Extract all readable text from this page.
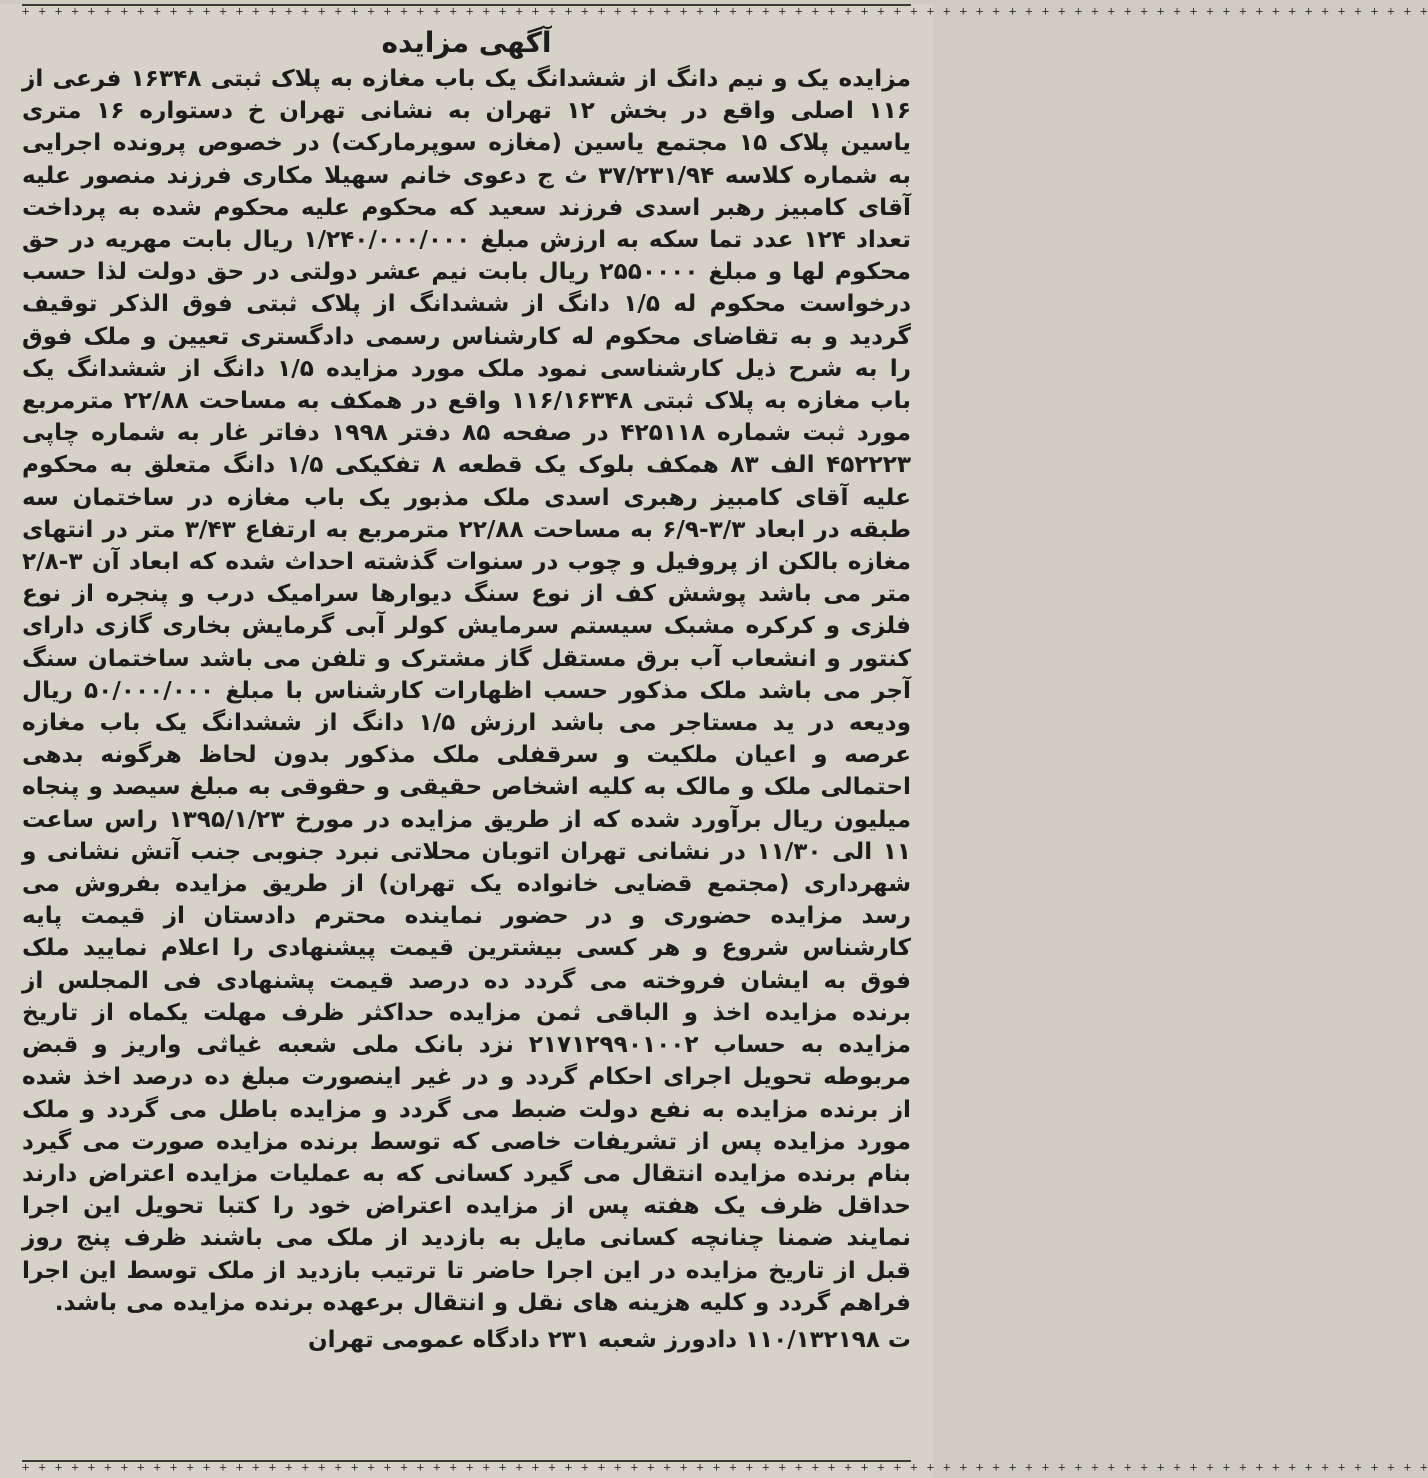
+ + + + + + + + + + + + + + + + + + + + + + + + + + + + + + + + + + + + + + + + + + + + + + + + + + + + + + + + + + + + + + + + + + + + + + + + + + + + + + + + + + + + + +
آگهی مزایده

مزایده یک و نیم دانگ از ششدانگ یک باب مغازه به پلاک ثبتی ۱۶۳۴۸ فرعی از ۱۱۶ اصلی واقع در بخش ۱۲ تهران به نشانی تهران خ دستواره ۱۶ متری یاسین پلاک ۱۵ مجتمع یاسین (مغازه سوپرمارکت) در خصوص پرونده اجرایی به شماره کلاسه ۳۷/۲۳۱/۹۴ ث ج دعوی خانم سهیلا مکاری فرزند منصور علیه آقای کامبیز رهبر اسدی فرزند سعید که محکوم علیه محکوم شده به پرداخت تعداد ۱۲۴ عدد تما سکه به ارزش مبلغ ۱/۲۴۰/۰۰۰/۰۰۰ ریال بابت مهریه در حق محکوم لها و مبلغ ۲۵۵۰۰۰۰ ریال بابت نیم عشر دولتی در حق دولت لذا حسب درخواست محکوم له ۱/۵ دانگ از ششدانگ از پلاک ثبتی فوق الذکر توقیف گردید و به تقاضای محکوم له کارشناس رسمی دادگستری تعیین و ملک فوق را به شرح ذیل کارشناسی نمود ملک مورد مزایده ۱/۵ دانگ از ششدانگ یک باب مغازه به پلاک ثبتی ۱۱۶/۱۶۳۴۸ واقع در همکف به مساحت ۲۲/۸۸ مترمربع مورد ثبت شماره ۴۲۵۱۱۸ در صفحه ۸۵ دفتر ۱۹۹۸ دفاتر غار به شماره چاپی ۴۵۲۲۲۳ الف ۸۳ همکف بلوک یک قطعه ۸ تفکیکی ۱/۵ دانگ متعلق به محکوم علیه آقای کامبیز رهبری اسدی ملک مذبور یک باب مغازه در ساختمان سه طبقه در ابعاد ۳/۳-۶/۹ به مساحت ۲۲/۸۸ مترمربع به ارتفاع ۳/۴۳ متر در انتهای مغازه بالکن از پروفیل و چوب در سنوات گذشته احداث شده که ابعاد آن ۳-۲/۸ متر می باشد پوشش کف از نوع سنگ دیوارها سرامیک درب و پنجره از نوع فلزی و کرکره مشبک سیستم سرمایش کولر آبی گرمایش بخاری گازی دارای کنتور و انشعاب آب برق مستقل گاز مشترک و تلفن می باشد ساختمان سنگ آجر می باشد ملک مذکور حسب اظهارات کارشناس با مبلغ ۵۰/۰۰۰/۰۰۰ ریال ودیعه در ید مستاجر می باشد ارزش ۱/۵ دانگ از ششدانگ یک باب مغازه عرصه و اعیان ملکیت و سرقفلی ملک مذکور بدون لحاظ هرگونه بدهی احتمالی ملک و مالک به کلیه اشخاص حقیقی و حقوقی به مبلغ سیصد و پنجاه میلیون ریال برآورد شده که از طریق مزایده در مورخ ۱۳۹۵/۱/۲۳ راس ساعت ۱۱ الی ۱۱/۳۰ در نشانی تهران اتوبان محلاتی نبرد جنوبی جنب آتش نشانی و شهرداری (مجتمع قضایی خانواده یک تهران) از طریق مزایده بفروش می رسد مزایده حضوری و در حضور نماینده محترم دادستان از قیمت پایه کارشناس شروع و هر کسی بیشترین قیمت پیشنهادی را اعلام نمایید ملک فوق به ایشان فروخته می گردد ده درصد قیمت پشنهادی فی المجلس از برنده مزایده اخذ و الباقی ثمن مزایده حداکثر ظرف مهلت یکماه از تاریخ مزایده به حساب ۲۱۷۱۲۹۹۰۱۰۰۲ نزد بانک ملی شعبه غیاثی واریز و قبض مربوطه تحویل اجرای احکام گردد و در غیر اینصورت مبلغ ده درصد اخذ شده از برنده مزایده به نفع دولت ضبط می گردد و مزایده باطل می گردد و ملک مورد مزایده پس از تشریفات خاصی که توسط برنده مزایده صورت می گیرد بنام برنده مزایده انتقال می گیرد کسانی که به عملیات مزایده اعتراض دارند حداقل ظرف یک هفته پس از مزایده اعتراض خود را کتبا تحویل این اجرا نمایند ضمنا چنانچه کسانی مایل به بازدید از ملک می باشند ظرف پنج روز قبل از تاریخ مزایده در این اجرا حاضر تا ترتیب بازدید از ملک توسط این اجرا فراهم گردد و کلیه هزینه های نقل و انتقال برعهده برنده مزایده می باشد.

ت ۱۱۰/۱۳۲۱۹۸ دادورز شعبه ۲۳۱ دادگاه عمومی تهران
+ + + + + + + + + + + + + + + + + + + + + + + + + + + + + + + + + + + + + + + + + + + + + + + + + + + + + + + + + + + + + + + + + + + + + + + + + + + + + + + + + + + + + +
